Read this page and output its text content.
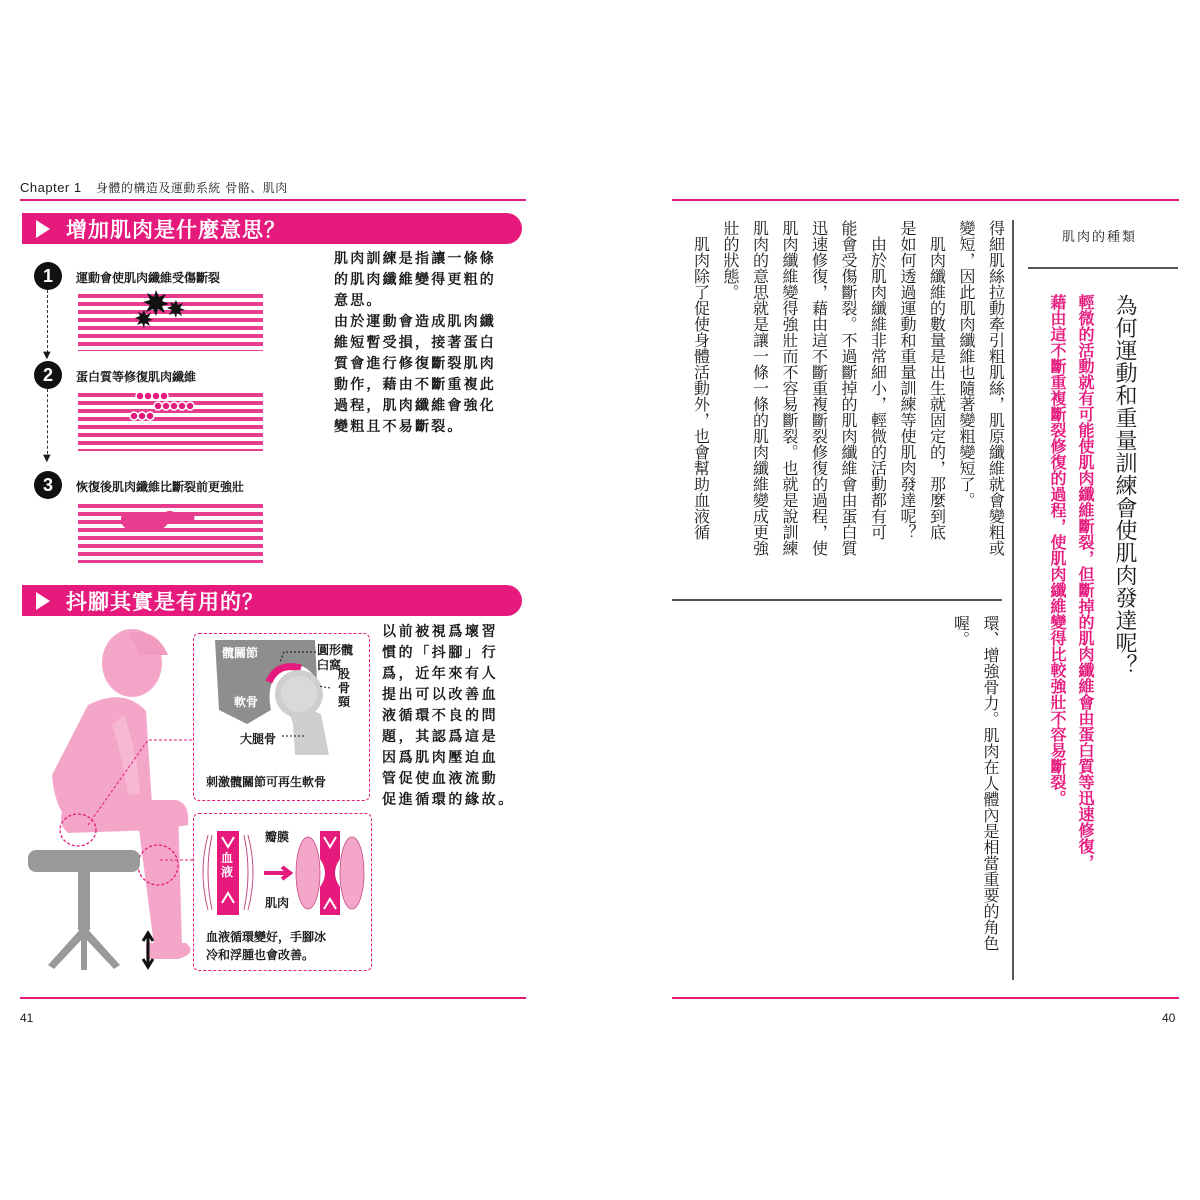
Chapter 1 身體的構造及運動系統 骨骼、肌肉
增加肌肉是什麼意思？
1	運動會使肌肉纖維受傷斷裂
▼
2	蛋白質等修復肌肉纖維
▼
3	恢復後肌肉纖維比斷裂前更強壯
肌肉訓練是指讓一條條
的肌肉纖維變得更粗的
意思。
由於運動會造成肌肉纖
維短暫受損，接著蛋白
質會進行修復斷裂肌肉
動作，藉由不斷重複此
過程，肌肉纖維會強化
變粗且不易斷裂。
抖腳其實是有用的？
髖關節	圓形髖臼窩
軟骨
股骨頸
大腿骨
刺激髖關節可再生軟骨
瓣膜
血液
肌肉
血液循環變好，手腳冰
冷和浮腫也會改善。
以前被視爲壞習
慣的「抖腳」行
爲，近年來有人
提出可以改善血
液循環不良的問
題，其認爲這是
因爲肌肉壓迫血
管促使血液流動
促進循環的緣故。
41
肌肉的種類
為何運動和重量訓練會使肌肉發達呢？
輕微的活動就有可能使肌肉纖維斷裂，但斷掉的肌肉纖維會由蛋白質等迅速修復，
藉由這不斷重複斷裂修復的過程，使肌肉纖維變得比較強壯不容易斷裂。
得細肌絲拉動牽引粗肌絲，肌原纖維就會變粗或
變短，因此肌肉纖維也隨著變粗變短了。
　肌肉纖維的數量是出生就固定的，那麼到底
是如何透過運動和重量訓練等使肌肉發達呢？
　由於肌肉纖維非常細小，輕微的活動都有可
能會受傷斷裂。不過斷掉的肌肉纖維會由蛋白質
迅速修復，藉由這不斷重複斷裂修復的過程，使
肌肉纖維變得強壯而不容易斷裂。也就是說訓練
肌肉的意思就是讓一條一條的肌肉纖維變成更強
壯的狀態。
　肌肉除了促使身體活動外，也會幫助血液循
環、增強骨力。肌肉在人體內是相當重要的角色
喔。
40
